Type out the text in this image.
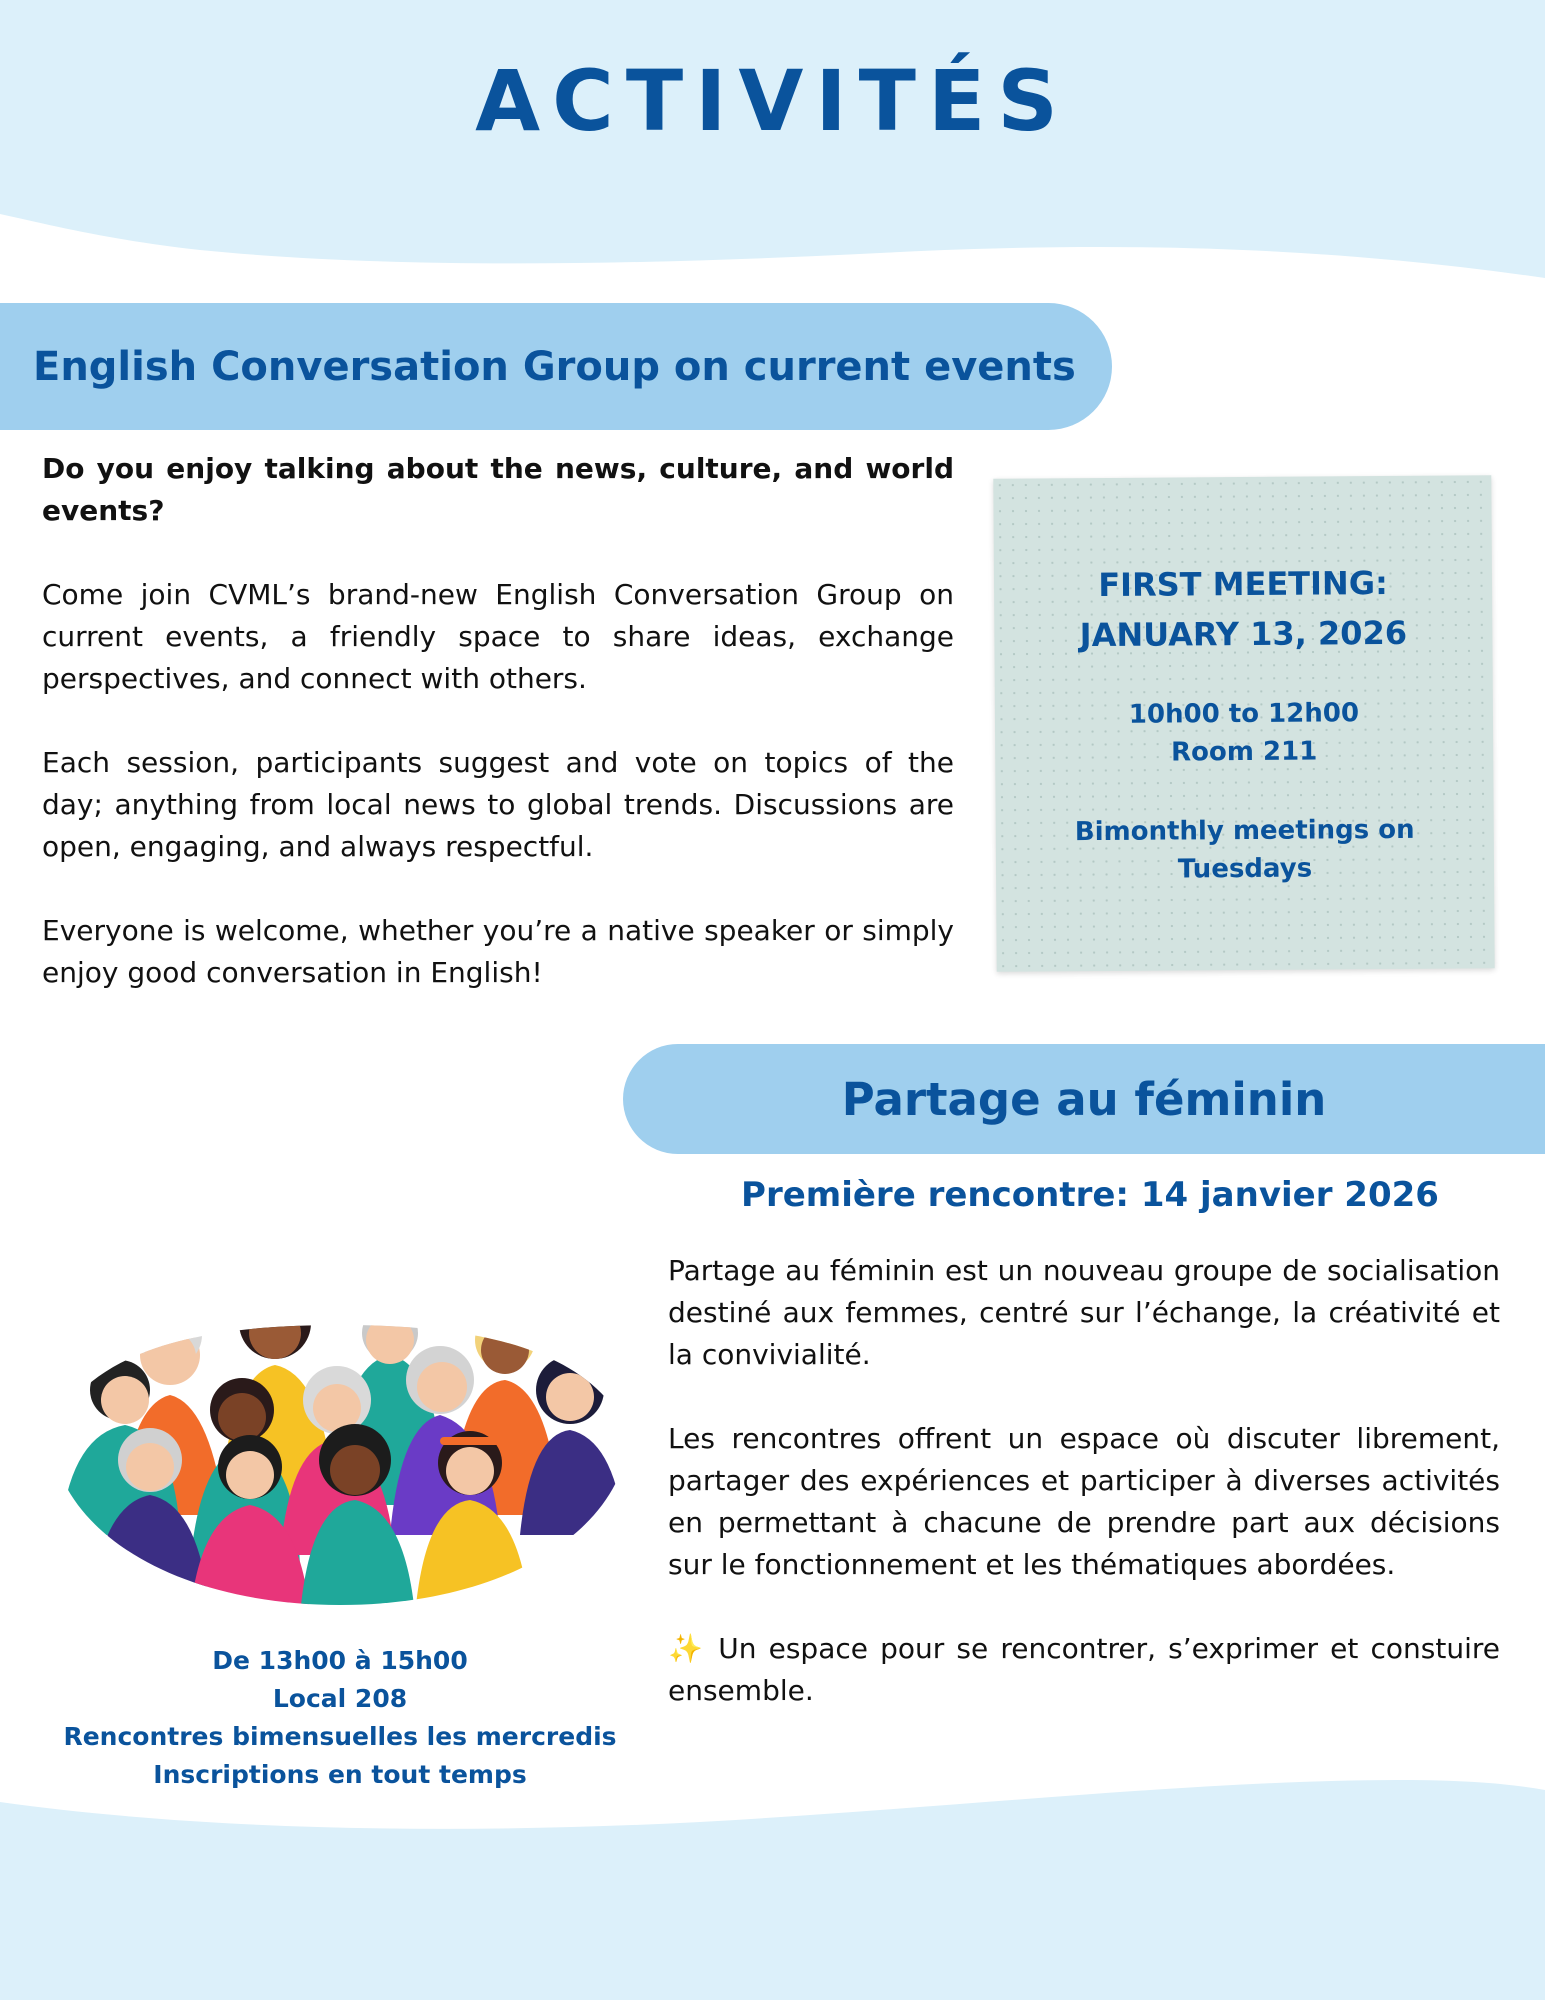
ACTIVITÉS
English Conversation Group on current events

Do you enjoy talking about the news, culture, and world events?

Come join CVML’s brand-new English Conversation Group on current events, a friendly space to share ideas, exchange perspectives, and connect with others.

Each session, participants suggest and vote on topics of the day; anything from local news to global trends. Discussions are open, engaging, and always respectful.

Everyone is welcome, whether you’re a native speaker or simply enjoy good conversation in English!

FIRST MEETING:
JANUARY 13, 2026
10h00 to 12h00
Room 211
Bimonthly meetings on
Tuesdays
Partage au féminin
Première rencontre: 14 janvier 2026

Partage au féminin est un nouveau groupe de socialisation destiné aux femmes, centré sur l’échange, la créativité et la convivialité.

Les rencontres offrent un espace où discuter librement, partager des expériences et participer à diverses activités en permettant à chacune de prendre part aux décisions sur le fonctionnement et les thématiques abordées.

✨ Un espace pour se rencontrer, s’exprimer et constuire ensemble.

De 13h00 à 15h00
Local 208
Rencontres bimensuelles les mercredis
Inscriptions en tout temps
